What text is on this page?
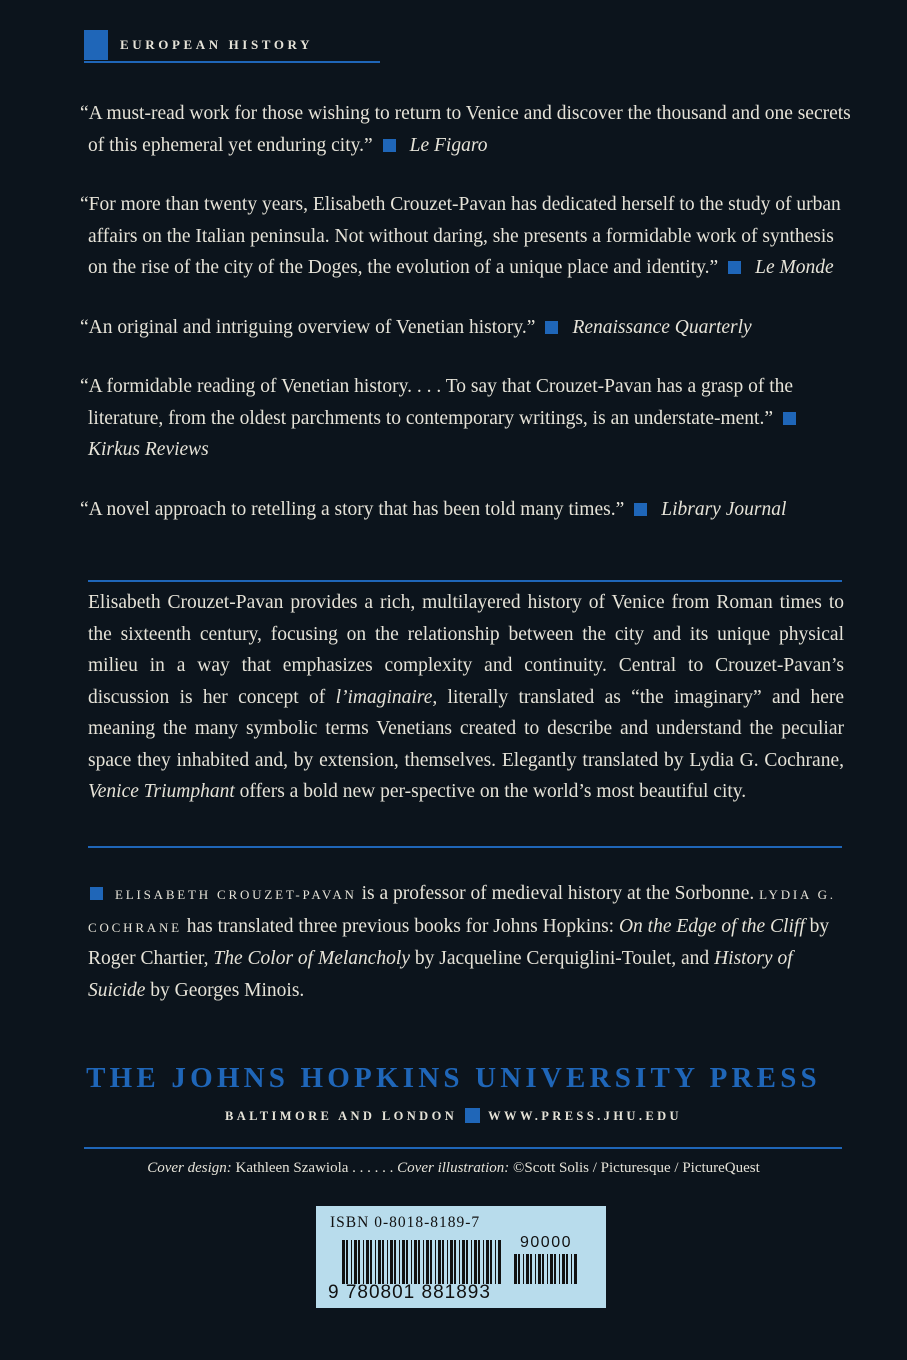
EUROPEAN HISTORY

“A must-read work for those wishing to return to Venice and discover the thousand and one secrets of this ephemeral yet enduring city.” Le Figaro

“For more than twenty years, Elisabeth Crouzet-Pavan has dedicated herself to the study of urban affairs on the Italian peninsula. Not without daring, she presents a formidable work of synthesis on the rise of the city of the Doges, the evolution of a unique place and identity.” Le Monde

“An original and intriguing overview of Venetian history.” Renaissance Quarterly

“A formidable reading of Venetian history. . . . To say that Crouzet-Pavan has a grasp of the literature, from the oldest parchments to contemporary writings, is an understate-ment.”Kirkus Reviews

“A novel approach to retelling a story that has been told many times.” Library Journal

Elisabeth Crouzet-Pavan provides a rich, multilayered history of Venice from Roman times to the sixteenth century, focusing on the relationship between the city and its unique physical milieu in a way that emphasizes complexity and continuity. Central to Crouzet-Pavan’s discussion is her concept of l’imaginaire, literally translated as “the imaginary” and here meaning the many symbolic terms Venetians created to describe and understand the peculiar space they inhabited and, by extension, themselves. Elegantly translated by Lydia G. Cochrane, Venice Triumphant offers a bold new per-spective on the world’s most beautiful city.
ELISABETH CROUZET-PAVAN is a professor of medieval history at the Sorbonne. LYDIA G. COCHRANE has translated three previous books for Johns Hopkins: On the Edge of the Cliff by Roger Chartier, The Color of Melancholy by Jacqueline Cerquiglini-Toulet, and History of Suicide by Georges Minois.
THE JOHNS HOPKINS UNIVERSITY PRESS
BALTIMORE AND LONDON WWW.PRESS.JHU.EDU
Cover design: Kathleen Szawiola . . . . . . Cover illustration: ©Scott Solis / Picturesque / PictureQuest
ISBN 0-8018-8189-7
90000
9 780801 881893
